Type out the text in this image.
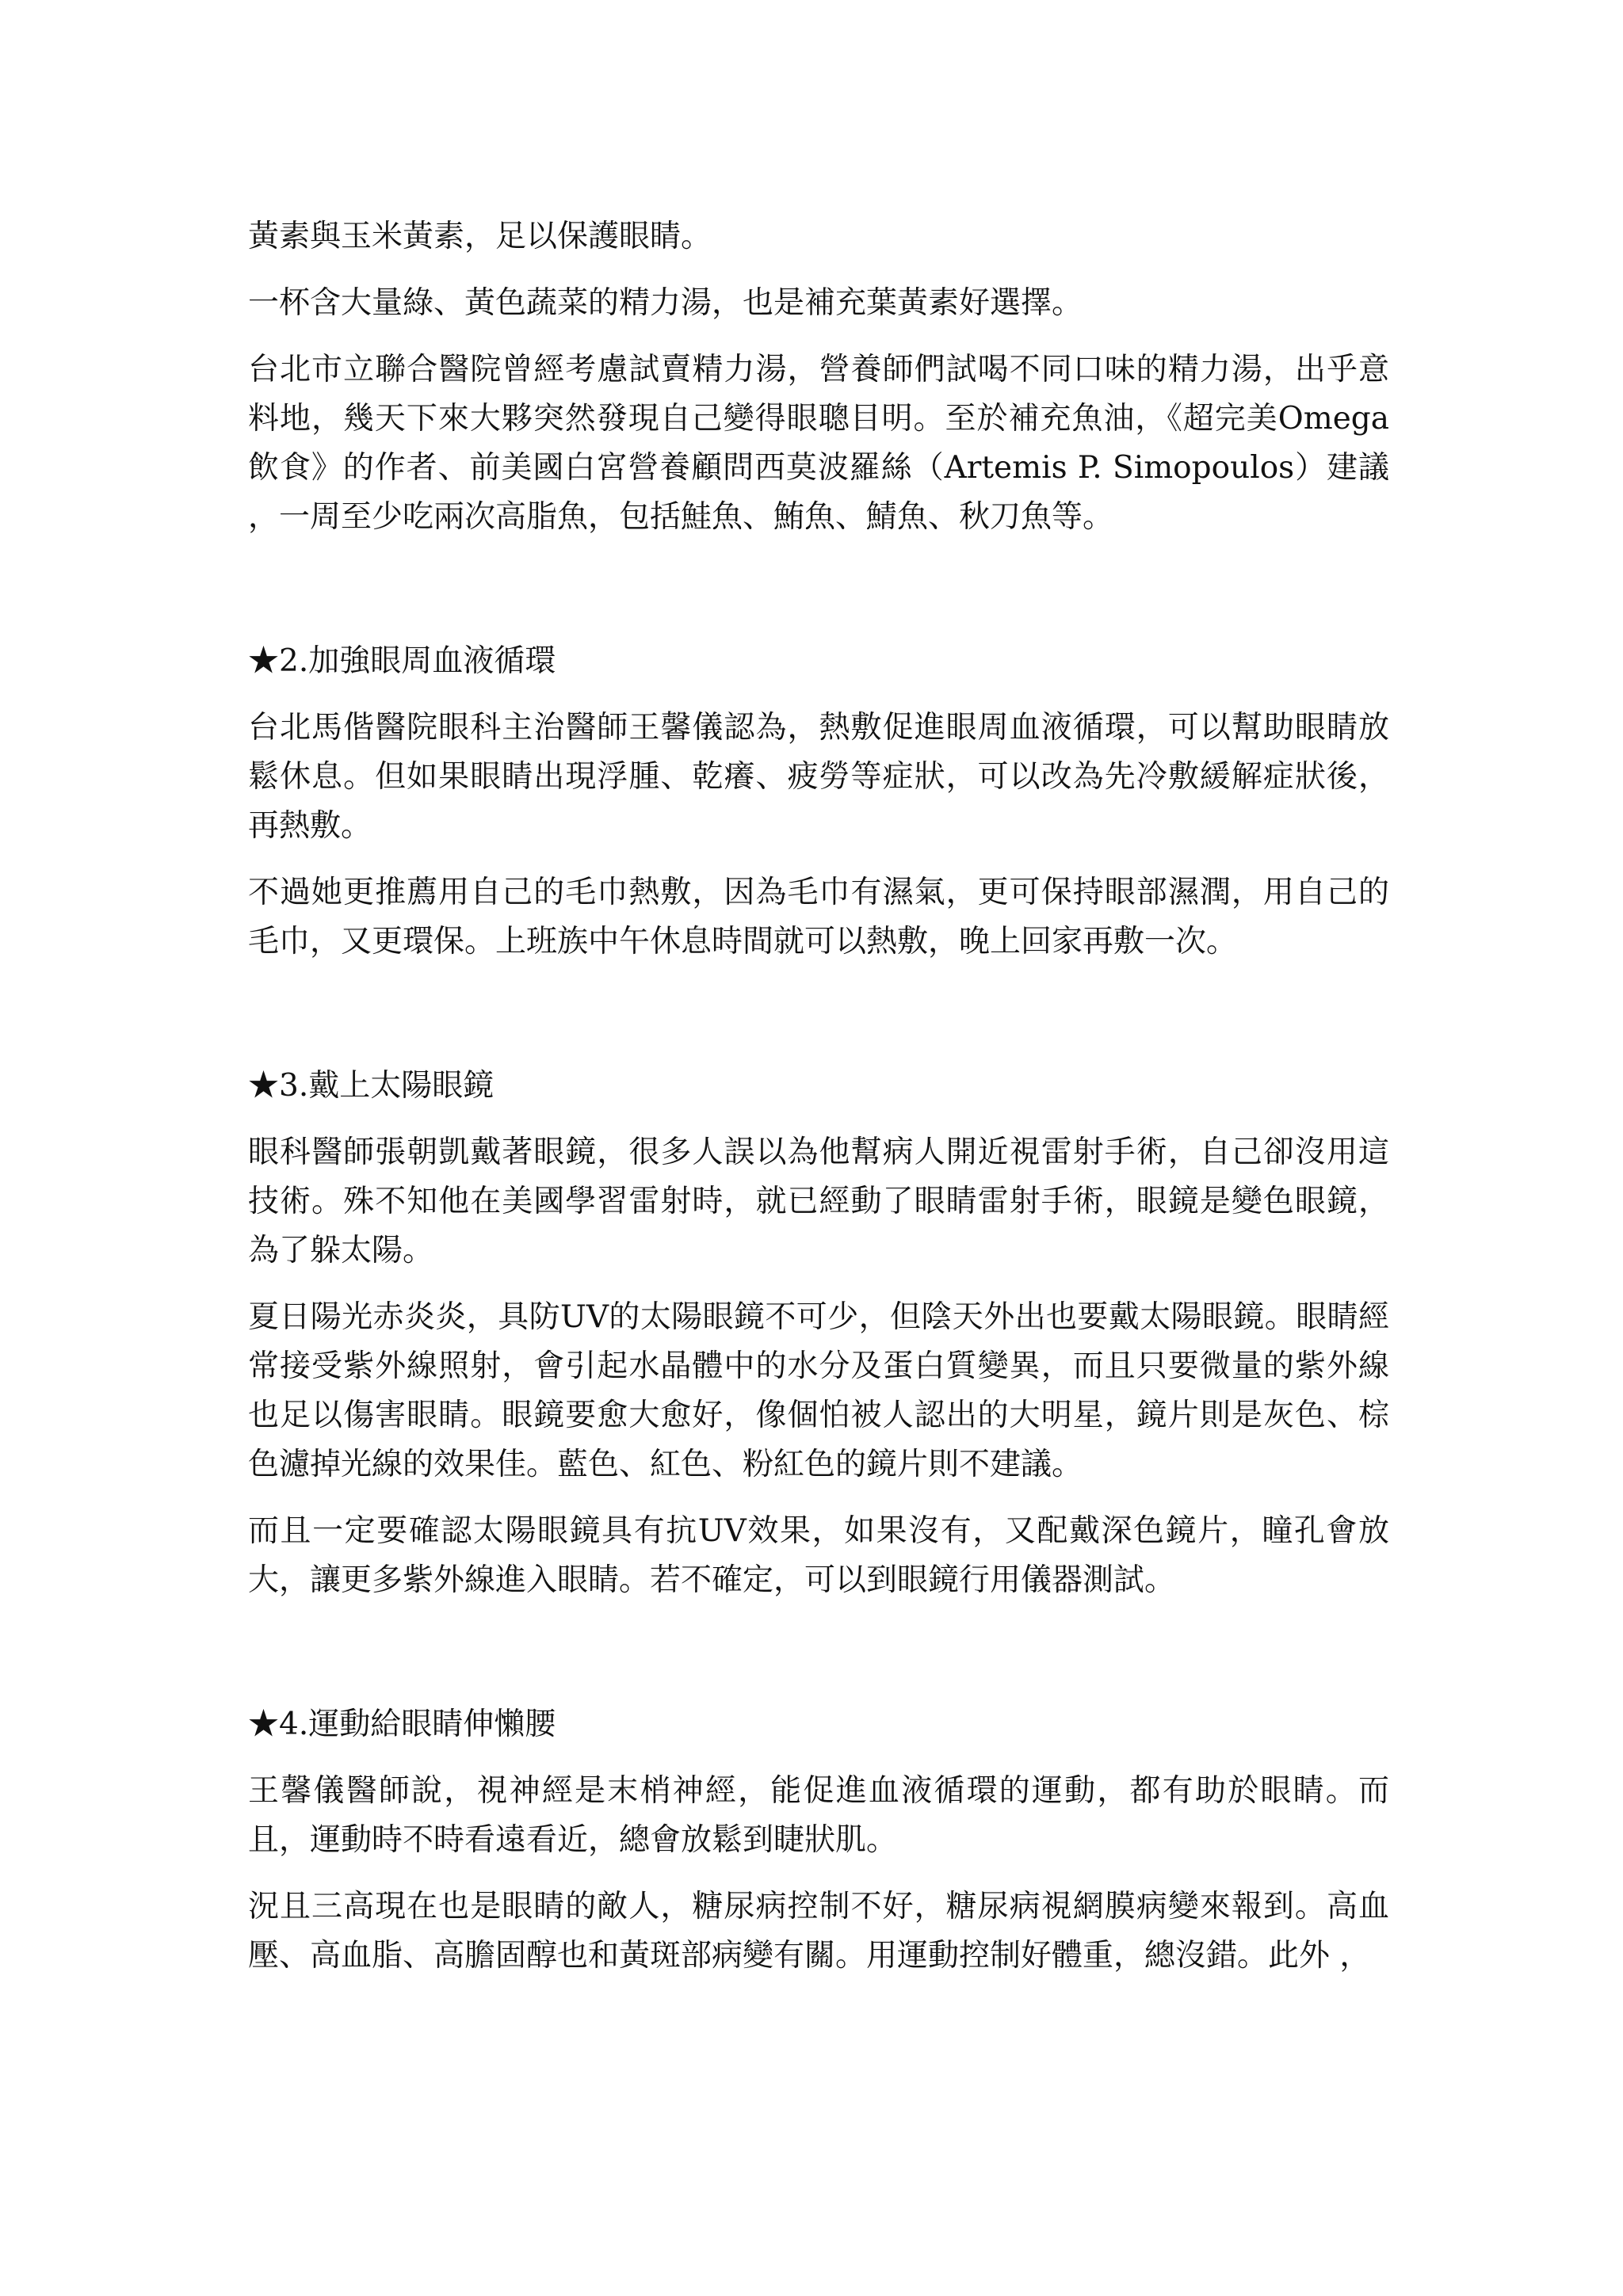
黃素與玉米黃素，足以保護眼睛。

一杯含大量綠、黃色蔬菜的精力湯，也是補充葉黃素好選擇。

台北市立聯合醫院曾經考慮試賣精力湯，營養師們試喝不同口味的精力湯，出乎意料地，幾天下來大夥突然發現自己變得眼聰目明。至於補充魚油，《超完美Omega飲食》的作者、前美國白宮營養顧問西莫波羅絲（Artemis P. Simopoulos）建議 ，一周至少吃兩次高脂魚，包括鮭魚、鮪魚、鯖魚、秋刀魚等。

★2.加強眼周血液循環

台北馬偕醫院眼科主治醫師王馨儀認為，熱敷促進眼周血液循環，可以幫助眼睛放鬆休息。但如果眼睛出現浮腫、乾癢、疲勞等症狀，可以改為先冷敷緩解症狀後，再熱敷。

不過她更推薦用自己的毛巾熱敷，因為毛巾有濕氣，更可保持眼部濕潤，用自己的毛巾，又更環保。上班族中午休息時間就可以熱敷，晚上回家再敷一次。

★3.戴上太陽眼鏡

眼科醫師張朝凱戴著眼鏡，很多人誤以為他幫病人開近視雷射手術，自己卻沒用這技術。殊不知他在美國學習雷射時，就已經動了眼睛雷射手術，眼鏡是變色眼鏡，為了躲太陽。

夏日陽光赤炎炎，具防UV的太陽眼鏡不可少，但陰天外出也要戴太陽眼鏡。眼睛經常接受紫外線照射，會引起水晶體中的水分及蛋白質變異，而且只要微量的紫外線也足以傷害眼睛。眼鏡要愈大愈好，像個怕被人認出的大明星，鏡片則是灰色、棕色濾掉光線的效果佳。藍色、紅色、粉紅色的鏡片則不建議。

而且一定要確認太陽眼鏡具有抗UV效果，如果沒有，又配戴深色鏡片，瞳孔會放大，讓更多紫外線進入眼睛。若不確定，可以到眼鏡行用儀器測試。

★4.運動給眼睛伸懶腰

王馨儀醫師說，視神經是末梢神經，能促進血液循環的運動，都有助於眼睛。而且，運動時不時看遠看近，總會放鬆到睫狀肌。

況且三高現在也是眼睛的敵人，糖尿病控制不好，糖尿病視網膜病變來報到。高血壓、高血脂、高膽固醇也和黃斑部病變有關。用運動控制好體重，總沒錯。此外 ，
